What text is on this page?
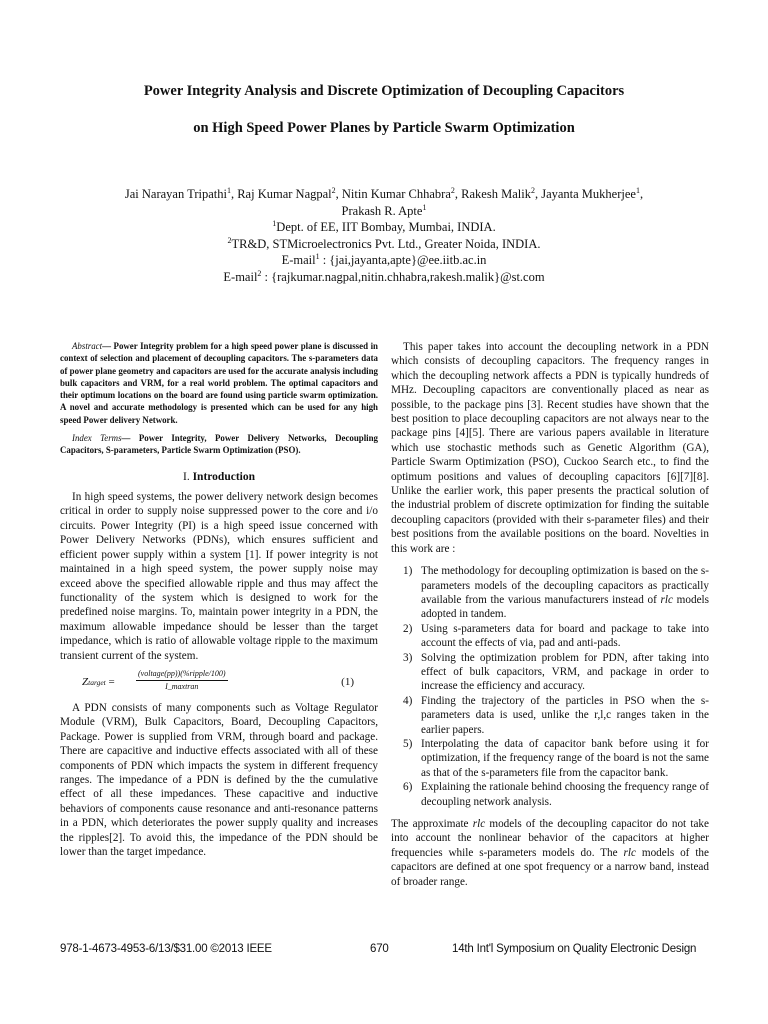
Power Integrity Analysis and Discrete Optimization of Decoupling Capacitors
on High Speed Power Planes by Particle Swarm Optimization
Jai Narayan Tripathi$^1$, Raj Kumar Nagpal$^2$, Nitin Kumar Chhabra$^2$, Rakesh Malik$^2$, Jayanta Mukherjee$^1$,
Prakash R. Apte$^1$
$^1$Dept. of EE, IIT Bombay, Mumbai, INDIA.
$^2$TR&D, STMicroelectronics Pvt. Ltd., Greater Noida, INDIA.
E-mail$^1$ : {jai,jayanta,apte}@ee.iitb.ac.in
E-mail$^2$ : {rajkumar.nagpal,nitin.chhabra,rakesh.malik}@st.com

Abstract— Power Integrity problem for a high speed power plane is discussed in context of selection and placement of decoupling capacitors. The s-parameters data of power plane geometry and capacitors are used for the accurate analysis including bulk capacitors and VRM, for a real world problem. The optimal capacitors and their optimum locations on the board are found using particle swarm optimization. A novel and accurate methodology is presented which can be used for any high speed Power delivery Network.

Index Terms— Power Integrity, Power Delivery Networks, Decoupling Capacitors, S-parameters, Particle Swarm Optimization (PSO).

I. Introduction

In high speed systems, the power delivery network design becomes critical in order to supply noise suppressed power to the core and i/o circuits. Power Integrity (PI) is a high speed issue concerned with Power Delivery Networks (PDNs), which ensures sufficient and efficient power supply within a system [1]. If power integrity is not maintained in a high speed system, the power supply noise may exceed above the specified allowable ripple and thus may affect the functionality of the system which is designed to work for the predefined noise margins. To, maintain power integrity in a PDN, the maximum allowable impedance should be lesser than the target impedance, which is ratio of allowable voltage ripple to the maximum transient current of the system.

Ztarget =
(voltage(pp))(%ripple/100)
I_maxtran	(1)

A PDN consists of many components such as Voltage Regulator Module (VRM), Bulk Capacitors, Board, Decoupling Capacitors, Package. Power is supplied from VRM, through board and package. There are capacitive and inductive effects associated with all of these components of PDN which impacts the system in different frequency ranges. The impedance of a PDN is defined by the the cumulative effect of all these impedances. These capacitive and inductive behaviors of components cause resonance and anti-resonance patterns in a PDN, which deteriorates the power supply quality and increases the ripples[2]. To avoid this, the impedance of the PDN should be lower than the target impedance.

This paper takes into account the decoupling network in a PDN which consists of decoupling capacitors. The frequency ranges in which the decoupling network affects a PDN is typically hundreds of MHz. Decoupling capacitors are conventionally placed as near as possible, to the package pins [3]. Recent studies have shown that the best position to place decoupling capacitors are not always near to the package pins [4][5]. There are various papers available in literature which use stochastic methods such as Genetic Algorithm (GA), Particle Swarm Optimization (PSO), Cuckoo Search etc., to find the optimum positions and values of decoupling capacitors [6][7][8]. Unlike the earlier work, this paper presents the practical solution of the industrial problem of discrete optimization for finding the suitable decoupling capacitors (provided with their s-parameter files) and their best positions from the available positions on the board. Novelties in this work are :

1) The methodology for decoupling optimization is based on the s-parameters models of the decoupling capacitors as practically available from the various manufacturers instead of rlc models adopted in tandem.
2) Using s-parameters data for board and package to take into account the effects of via, pad and anti-pads.
3) Solving the optimization problem for PDN, after taking into effect of bulk capacitors, VRM, and package in order to increase the efficiency and accuracy.
4) Finding the trajectory of the particles in PSO when the s-parameters data is used, unlike the r,l,c ranges taken in the earlier papers.
5) Interpolating the data of capacitor bank before using it for optimization, if the frequency range of the board is not the same as that of the s-parameters file from the capacitor bank.
6) Explaining the rationale behind choosing the frequency range of decoupling network analysis.

The approximate rlc models of the decoupling capacitor do not take into account the nonlinear behavior of the capacitors at higher frequencies while s-parameters models do. The rlc models of the capacitors are defined at one spot frequency or a narrow band, instead of broader range.

978-1-4673-4953-6/13/$31.00 ©2013 IEEE	670	14th Int'l Symposium on Quality Electronic Design
